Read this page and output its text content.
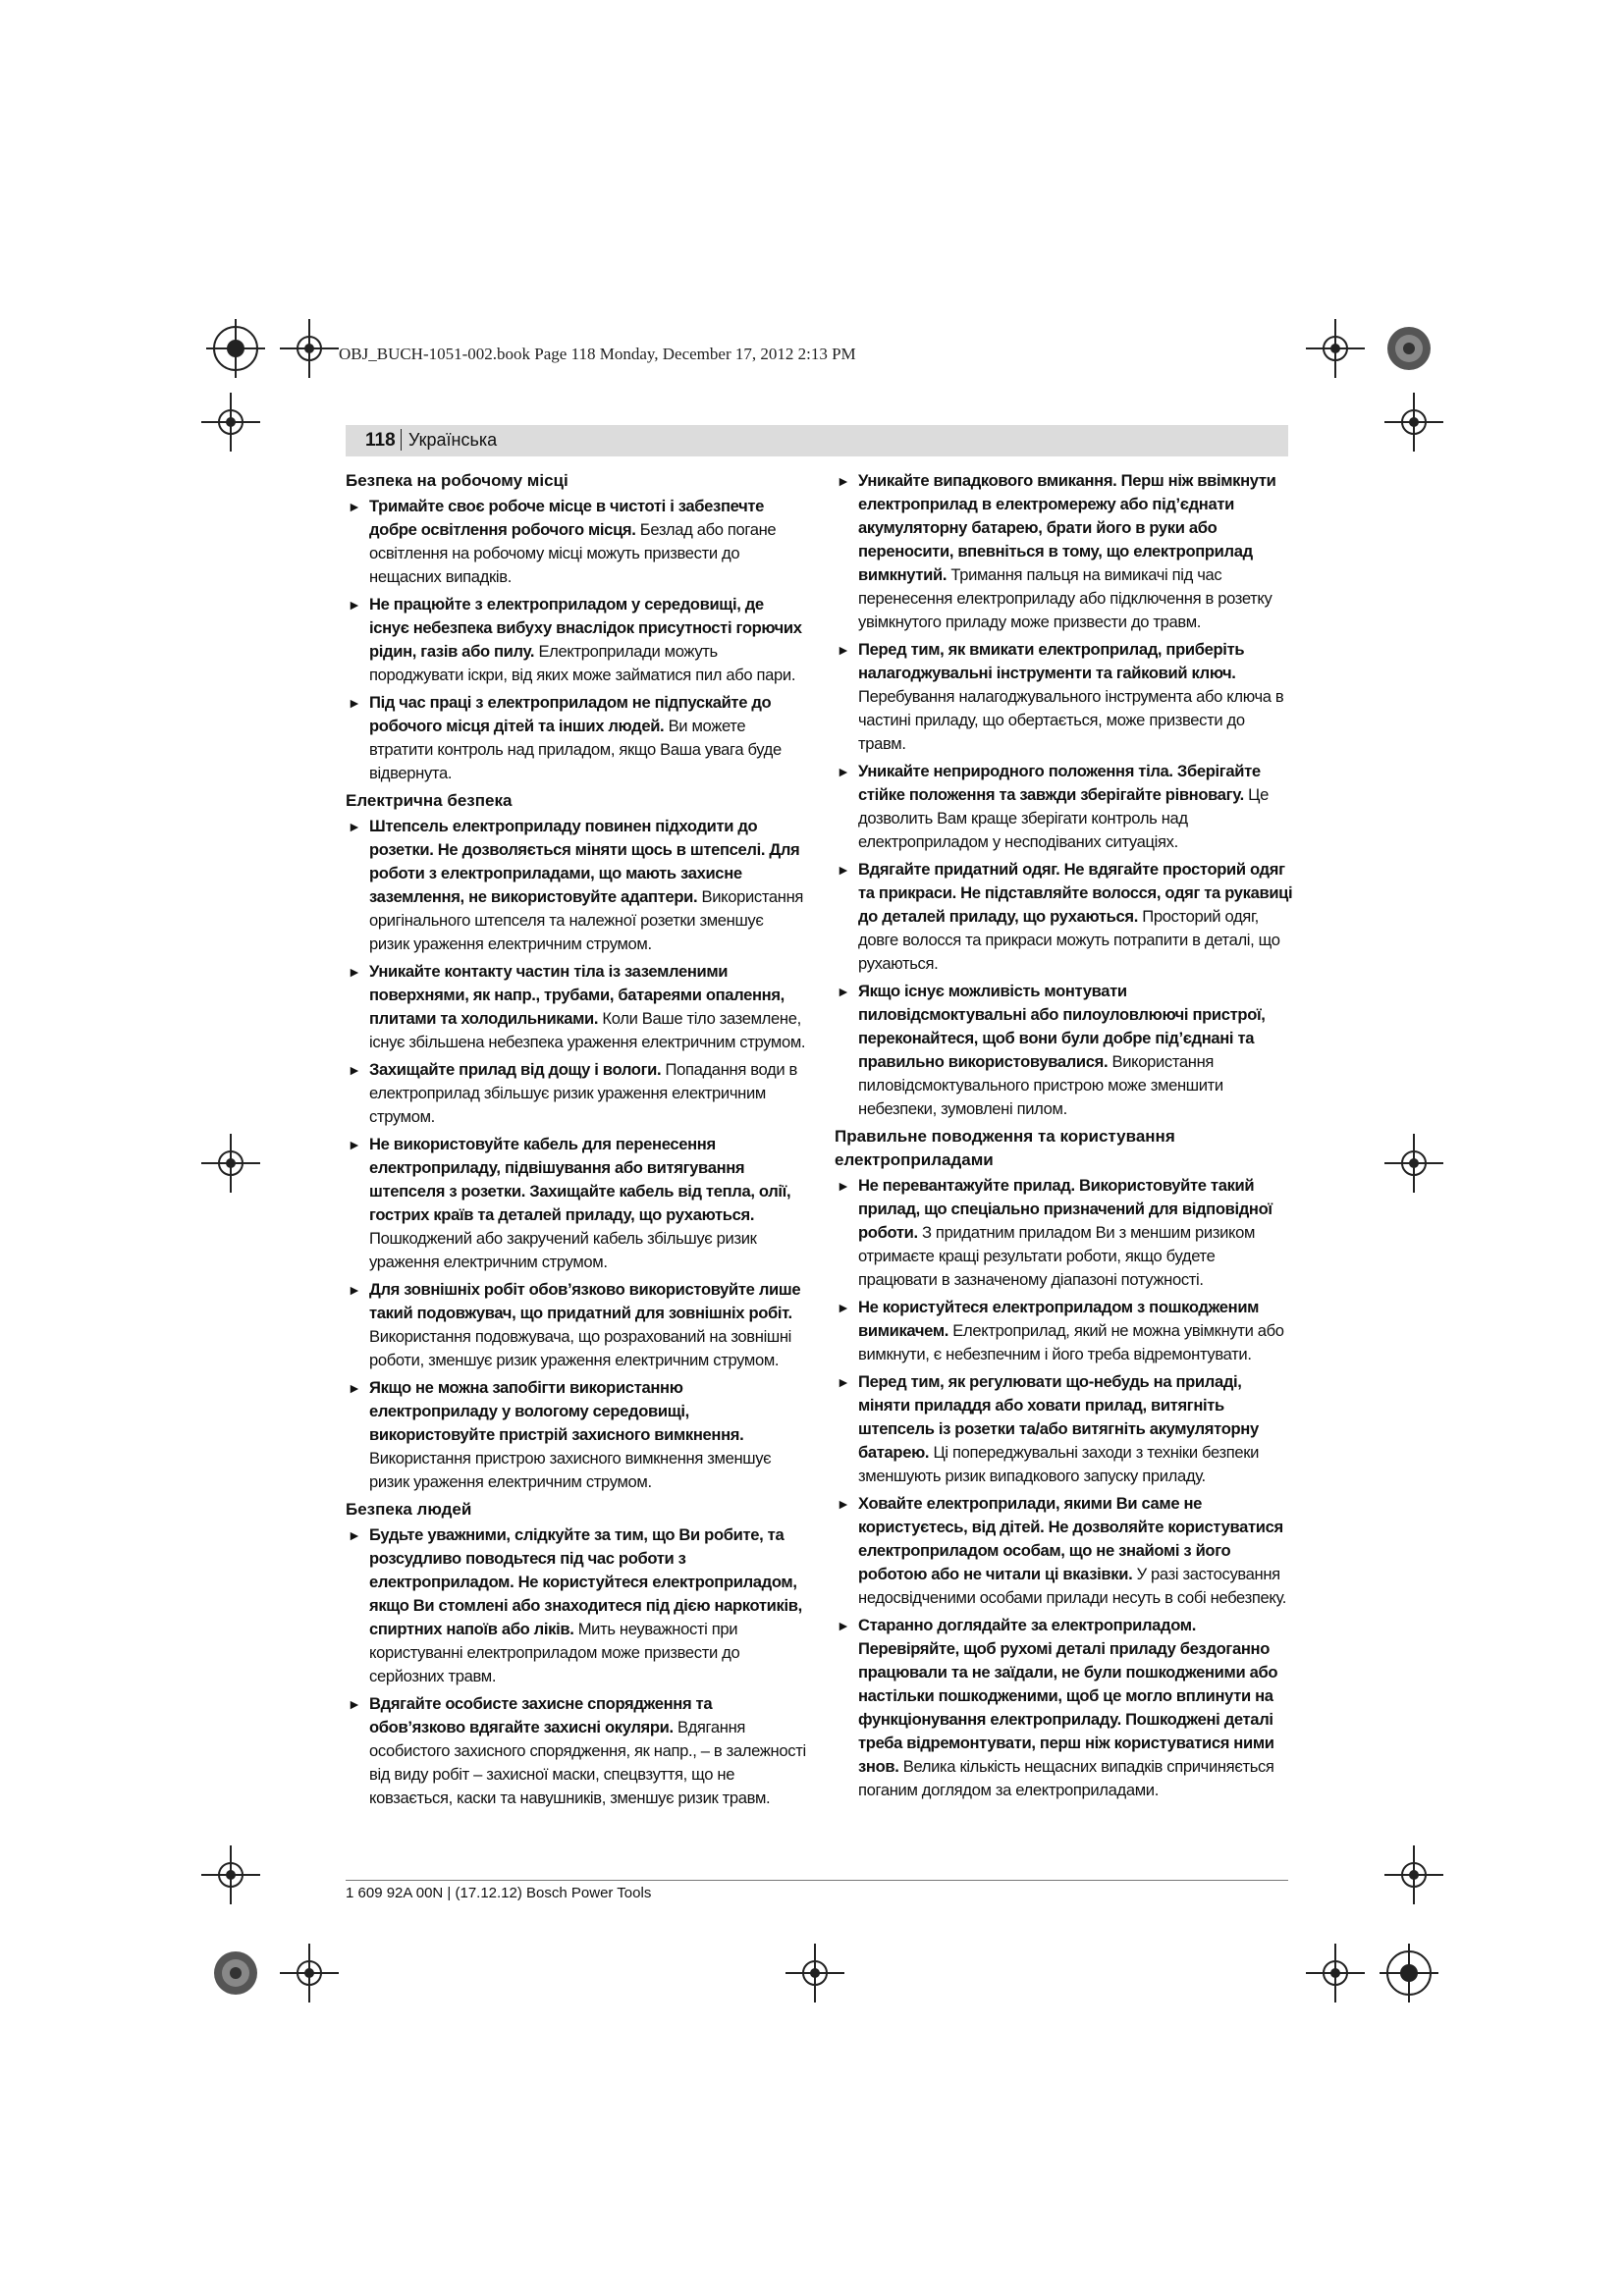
OBJ_BUCH-1051-002.book Page 118 Monday, December 17, 2012 2:13 PM
118 Українська
Безпека на робочому місці
► Тримайте своє робоче місце в чистоті і забезпечте добре освітлення робочого місця. Безлад або погане освітлення на робочому місці можуть призвести до нещасних випадків.
► Не працюйте з електроприладом у середовищі, де існує небезпека вибуху внаслідок присутності горючих рідин, газів або пилу. Електроприлади можуть породжувати іскри, від яких може займатися пил або пари.
► Під час праці з електроприладом не підпускайте до робочого місця дітей та інших людей. Ви можете втратити контроль над приладом, якщо Ваша увага буде відвернута.
Електрична безпека
► Штепсель електроприладу повинен підходити до розетки. Не дозволяється міняти щось в штепселі. Для роботи з електроприладами, що мають захисне заземлення, не використовуйте адаптери. Використання оригінального штепселя та належної розетки зменшує ризик ураження електричним струмом.
► Уникайте контакту частин тіла із заземленими поверхнями, як напр., трубами, батареями опалення, плитами та холодильниками. Коли Ваше тіло заземлене, існує збільшена небезпека ураження електричним струмом.
► Захищайте прилад від дощу і вологи. Попадання води в електроприлад збільшує ризик ураження електричним струмом.
► Не використовуйте кабель для перенесення електроприладу, підвішування або витягування штепселя з розетки. Захищайте кабель від тепла, олії, гострих країв та деталей приладу, що рухаються. Пошкоджений або закручений кабель збільшує ризик ураження електричним струмом.
► Для зовнішніх робіт обов’язково використовуйте лише такий подовжувач, що придатний для зовнішніх робіт. Використання подовжувача, що розрахований на зовнішні роботи, зменшує ризик ураження електричним струмом.
► Якщо не можна запобігти використанню електроприладу у вологому середовищі, використовуйте пристрій захисного вимкнення. Використання пристрою захисного вимкнення зменшує ризик ураження електричним струмом.
Безпека людей
► Будьте уважними, слідкуйте за тим, що Ви робите, та розсудливо поводьтеся під час роботи з електроприладом. Не користуйтеся електроприладом, якщо Ви стомлені або знаходитеся під дією наркотиків, спиртних напоїв або ліків. Мить неуважності при користуванні електроприладом може призвести до серйозних травм.
► Вдягайте особисте захисне спорядження та обов’язково вдягайте захисні окуляри. Вдягання особистого захисного спорядження, як напр., – в залежності від виду робіт – захисної маски, спецвзуття, що не ковзається, каски та навушників, зменшує ризик травм.
► Уникайте випадкового вмикання. Перш ніж ввімкнути електроприлад в електромережу або під’єднати акумуляторну батарею, брати його в руки або переносити, впевніться в тому, що електроприлад вимкнутий. Тримання пальця на вимикачі під час перенесення електроприладу або підключення в розетку увімкнутого приладу може призвести до травм.
► Перед тим, як вмикати електроприлад, приберіть налагоджувальні інструменти та гайковий ключ. Перебування налагоджувального інструмента або ключа в частині приладу, що обертається, може призвести до травм.
► Уникайте неприродного положення тіла. Зберігайте стійке положення та завжди зберігайте рівновагу. Це дозволить Вам краще зберігати контроль над електроприладом у несподіваних ситуаціях.
► Вдягайте придатний одяг. Не вдягайте просторий одяг та прикраси. Не підставляйте волосся, одяг та рукавиці до деталей приладу, що рухаються. Просторий одяг, довге волосся та прикраси можуть потрапити в деталі, що рухаються.
► Якщо існує можливість монтувати пиловідсмоктувальні або пилоуловлюючі пристрої, переконайтеся, щоб вони були добре під’єднані та правильно використовувалися. Використання пиловідсмоктувального пристрою може зменшити небезпеки, зумовлені пилом.
Правильне поводження та користування електроприладами
► Не перевантажуйте прилад. Використовуйте такий прилад, що спеціально призначений для відповідної роботи. З придатним приладом Ви з меншим ризиком отримаєте кращі результати роботи, якщо будете працювати в зазначеному діапазоні потужності.
► Не користуйтеся електроприладом з пошкодженим вимикачем. Електроприлад, який не можна увімкнути або вимкнути, є небезпечним і його треба відремонтувати.
► Перед тим, як регулювати що-небудь на приладі, міняти приладдя або ховати прилад, витягніть штепсель із розетки та/або витягніть акумуляторну батарею. Ці попереджувальні заходи з техніки безпеки зменшують ризик випадкового запуску приладу.
► Ховайте електроприлади, якими Ви саме не користуєтесь, від дітей. Не дозволяйте користуватися електроприладом особам, що не знайомі з його роботою або не читали ці вказівки. У разі застосування недосвідченими особами прилади несуть в собі небезпеку.
► Старанно доглядайте за електроприладом. Перевіряйте, щоб рухомі деталі приладу бездоганно працювали та не заїдали, не були пошкодженими або настільки пошкодженими, щоб це могло вплинути на функціонування електроприладу. Пошкоджені деталі треба відремонтувати, перш ніж користуватися ними знов. Велика кількість нещасних випадків спричиняється поганим доглядом за електроприладами.
1 609 92A 00N | (17.12.12) Bosch Power Tools
